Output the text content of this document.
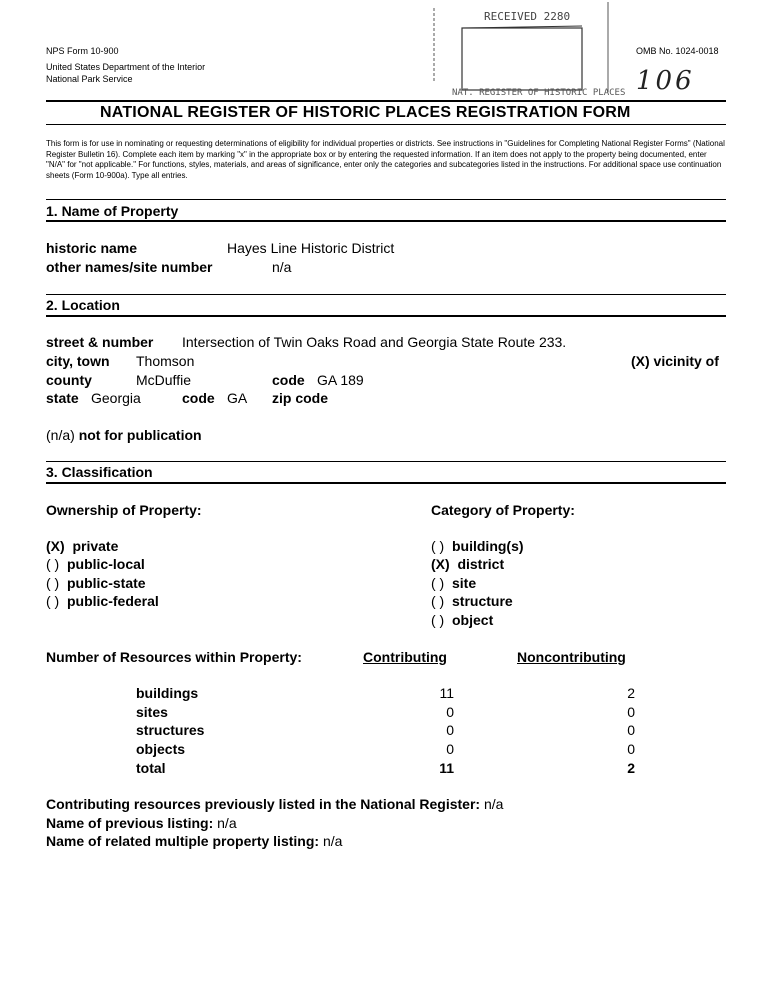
NPS Form 10-900
United States Department of the Interior
National Park Service
OMB No. 1024-0018
106
RECEIVED 2280
NAT. REGISTER OF HISTORIC PLACES
NATIONAL REGISTER OF HISTORIC PLACES REGISTRATION FORM
This form is for use in nominating or requesting determinations of eligibility for individual properties or districts. See instructions in "Guidelines for Completing National Register Forms" (National Register Bulletin 16). Complete each item by marking "x" in the appropriate box or by entering the requested information. If an item does not apply to the property being documented, enter "N/A" for "not applicable." For functions, styles, materials, and areas of significance, enter only the categories and subcategories listed in the instructions. For additional space use continuation sheets (Form 10-900a). Type all entries.
1. Name of Property
historic name	Hayes Line Historic District
other names/site number	n/a
2. Location
street & number Intersection of Twin Oaks Road and Georgia State Route 233.
city, town Thomson	(X) vicinity of
county	McDuffie	code GA 189
state Georgia	code GA zip code
(n/a) not for publication
3. Classification
Ownership of Property:	Category of Property:
(X) private
( ) public-local
( ) public-state
( ) public-federal
( ) building(s)
(X) district
( ) site
( ) structure
( ) object
Number of Resources within Property:	Contributing	Noncontributing
buildings	11	2
sites	0	0
structures	0	0
objects	0	0
total	11	2
Contributing resources previously listed in the National Register: n/a
Name of previous listing: n/a
Name of related multiple property listing: n/a
